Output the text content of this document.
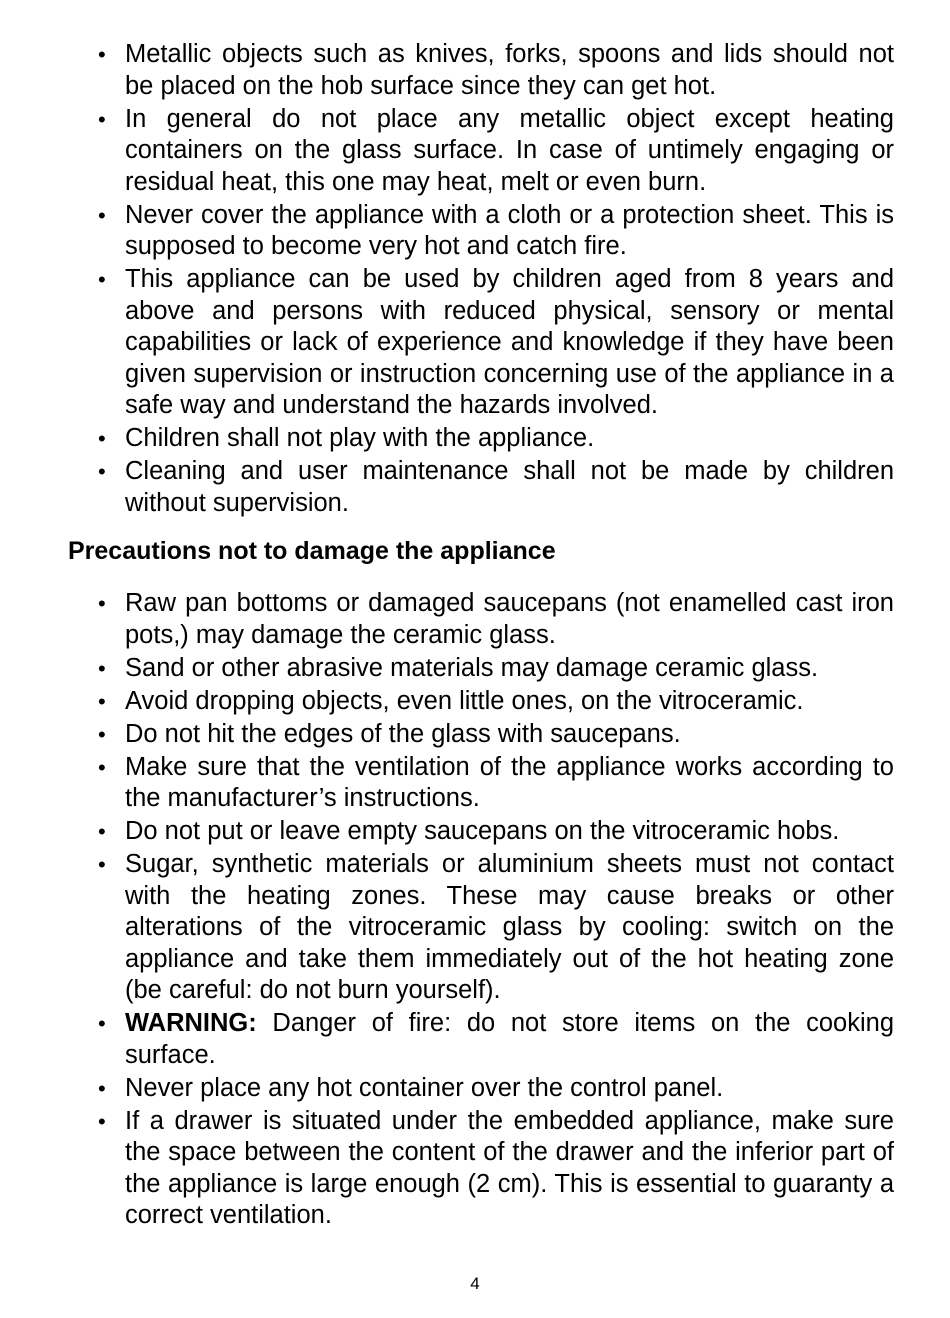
• Metallic objects such as knives, forks, spoons and lids should not be placed on the hob surface since they can get hot.
• In general do not place any metallic object except heating containers on the glass surface. In case of untimely engaging or residual heat, this one may heat, melt or even burn.
• Never cover the appliance with a cloth or a protection sheet. This is supposed to become very hot and catch fire.
• This appliance can be used by children aged from 8 years and above and persons with reduced physical, sensory or mental capabilities or lack of experience and knowledge if they have been given supervision or instruction concerning use of the appliance in a safe way and understand the hazards involved.
• Children shall not play with the appliance.
• Cleaning and user maintenance shall not be made by children without supervision.
Precautions not to damage the appliance
• Raw pan bottoms or damaged saucepans (not enamelled cast iron pots,) may damage the ceramic glass.
• Sand or other abrasive materials may damage ceramic glass.
• Avoid dropping objects, even little ones, on the vitroceramic.
• Do not hit the edges of the glass with saucepans.
• Make sure that the ventilation of the appliance works according to the manufacturer’s instructions.
• Do not put or leave empty saucepans on the vitroceramic hobs.
• Sugar, synthetic materials or aluminium sheets must not contact with the heating zones. These may cause breaks or other alterations of the vitroceramic glass by cooling: switch on the appliance and take them immediately out of the hot heating zone (be careful: do not burn yourself).
• WARNING: Danger of fire: do not store items on the cooking surface.
• Never place any hot container over the control panel.
• If a drawer is situated under the embedded appliance, make sure the space between the content of the drawer and the inferior part of the appliance is large enough (2 cm). This is essential to guaranty a correct ventilation.
4
